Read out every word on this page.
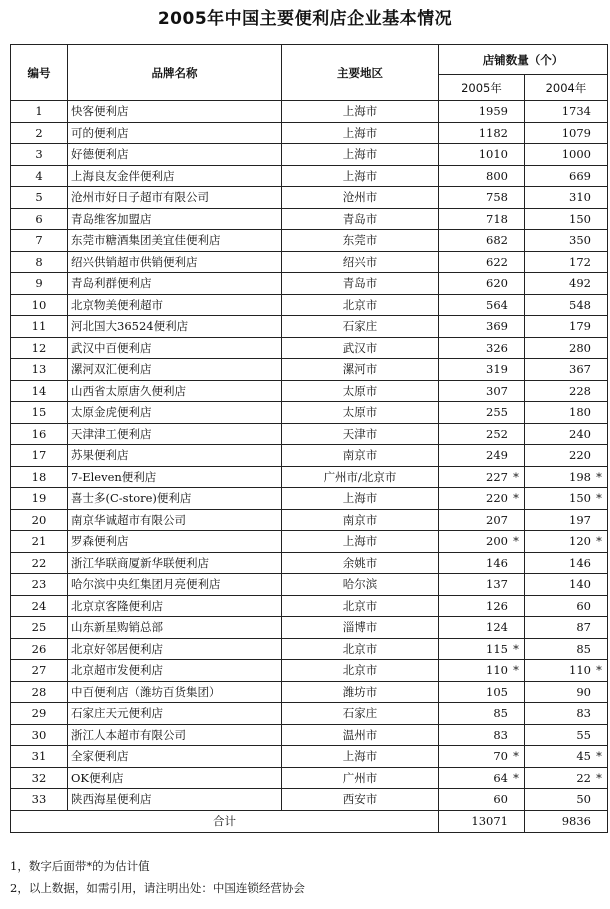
2005年中国主要便利店企业基本情况
编号	品牌名称	主要地区	店铺数量（个）	
			2005年	2004年
1	快客便利店	上海市	1959	1734

2	可的便利店	上海市	1182	1079

3	好德便利店	上海市	1010	1000

4	上海良友金伴便利店	上海市	800	669

5	沧州市好日子超市有限公司	沧州市	758	310

6	青岛维客加盟店	青岛市	718	150

7	东莞市糖酒集团美宜佳便利店	东莞市	682	350

8	绍兴供销超市供销便利店	绍兴市	622	172

9	青岛利群便利店	青岛市	620	492

10	北京物美便利超市	北京市	564	548

11	河北国大36524便利店	石家庄	369	179

12	武汉中百便利店	武汉市	326	280

13	漯河双汇便利店	漯河市	319	367

14	山西省太原唐久便利店	太原市	307	228

15	太原金虎便利店	太原市	255	180

16	天津津工便利店	天津市	252	240

17	苏果便利店	南京市	249	220

18	7-Eleven便利店	广州市/北京市	227 *	198 *

19	喜士多(C-store)便利店	上海市	220 *	150 *

20	南京华诚超市有限公司	南京市	207	197

21	罗森便利店	上海市	200 *	120 *

22	浙江华联商厦新华联便利店	余姚市	146	146

23	哈尔滨中央红集团月亮便利店	哈尔滨	137	140

24	北京京客隆便利店	北京市	126	60

25	山东新星购销总部	淄博市	124	87

26	北京好邻居便利店	北京市	115 *	85

27	北京超市发便利店	北京市	110 *	110 *

28	中百便利店（潍坊百货集团）	潍坊市	105	90

29	石家庄天元便利店	石家庄	85	83

30	浙江人本超市有限公司	温州市	83	55

31	全家便利店	上海市	70 *	45 *

32	OK便利店	广州市	64 *	22 *

33	陕西海星便利店	西安市	60	50

合计			13071	9836
1，数字后面带*的为估计值
2，以上数据，如需引用，请注明出处：中国连锁经营协会
